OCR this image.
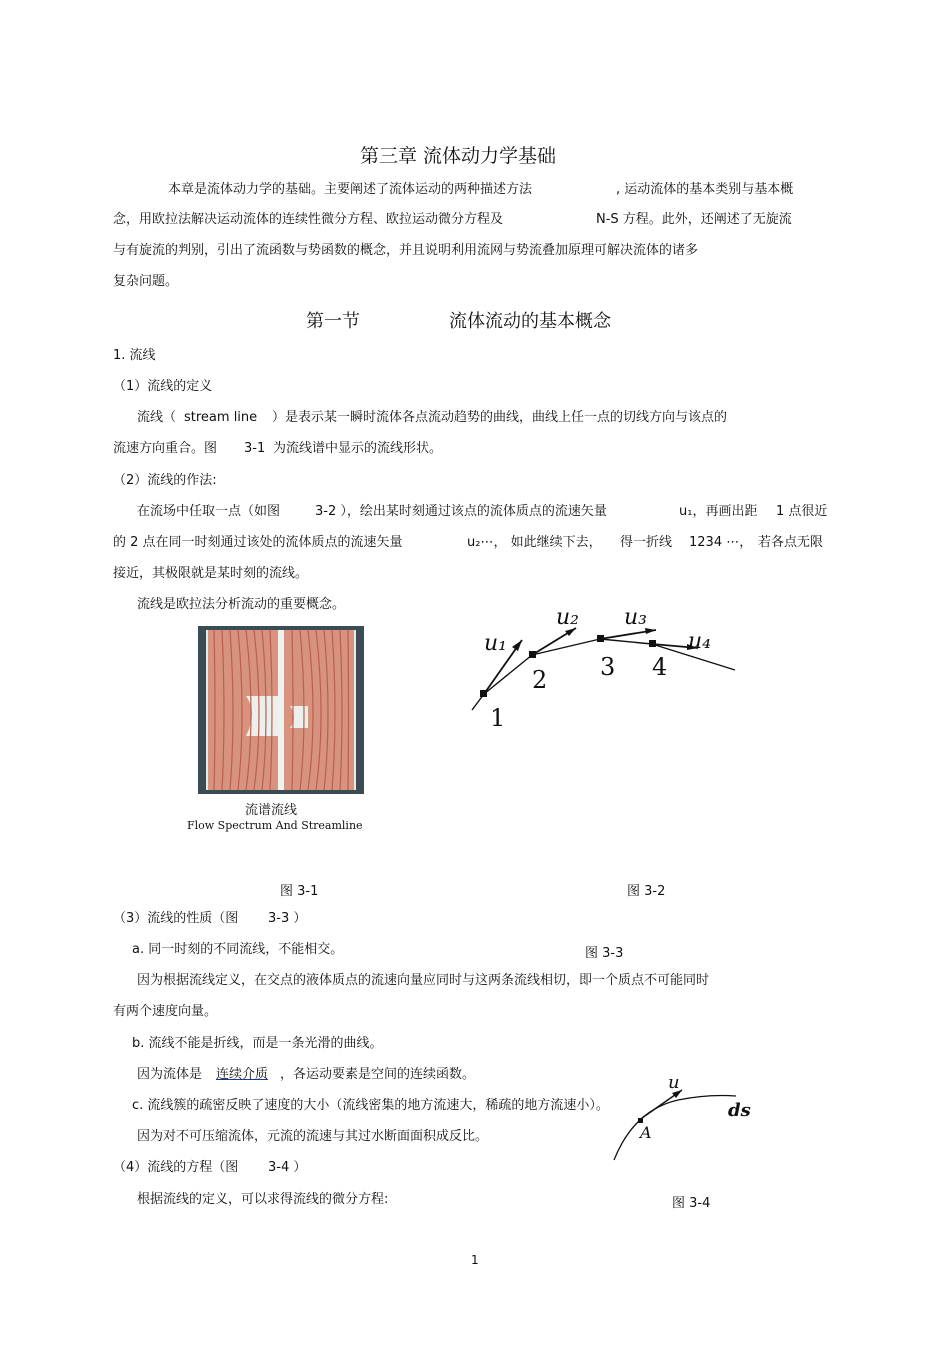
第三章 流体动力学基础
本章是流体动力学的基础。主要阐述了流体运动的两种描述方法	, 运动流体的基本类别与基本概
念，用欧拉法解决运动流体的连续性微分方程、欧拉运动微分方程及	N-S 方程。此外，还阐述了无旋流
与有旋流的判别，引出了流函数与势函数的概念，并且说明利用流网与势流叠加原理可解决流体的诸多
复杂问题。
第一节	流体流动的基本概念
1. 流线
（1）流线的定义
流线（ stream line ）是表示某一瞬时流体各点流动趋势的曲线，曲线上任一点的切线方向与该点的
流速方向重合。图 3-1 为流线谱中显示的流线形状。
（2）流线的作法:
在流场中任取一点（如图	3-2 ），绘出某时刻通过该点的流体质点的流速矢量	u₁，再画出距 1 点很近
的 2 点在同一时刻通过该处的流体质点的流速矢量	u₂⋯， 如此继续下去， 得一折线 1234 ⋯， 若各点无限
接近，其极限就是某时刻的流线。
流线是欧拉法分析流动的重要概念。
流谱流线
Flow Spectrum And Streamline
u₁
u₂ u₃
u₄
1
2 3 4
图 3-1	图 3-2
（3）流线的性质（图 3-3 ）
a. 同一时刻的不同流线，不能相交。	图 3-3
因为根据流线定义，在交点的液体质点的流速向量应同时与这两条流线相切，即一个质点不可能同时
有两个速度向量。
b. 流线不能是折线，而是一条光滑的曲线。
因为流体是 连续介质 ，各运动要素是空间的连续函数。
c. 流线簇的疏密反映了速度的大小（流线密集的地方流速大，稀疏的地方流速小）。
因为对不可压缩流体，元流的流速与其过水断面面积成反比。
u
A
ds
（4）流线的方程（图 3-4 ）
根据流线的定义，可以求得流线的微分方程:	图 3-4
1
